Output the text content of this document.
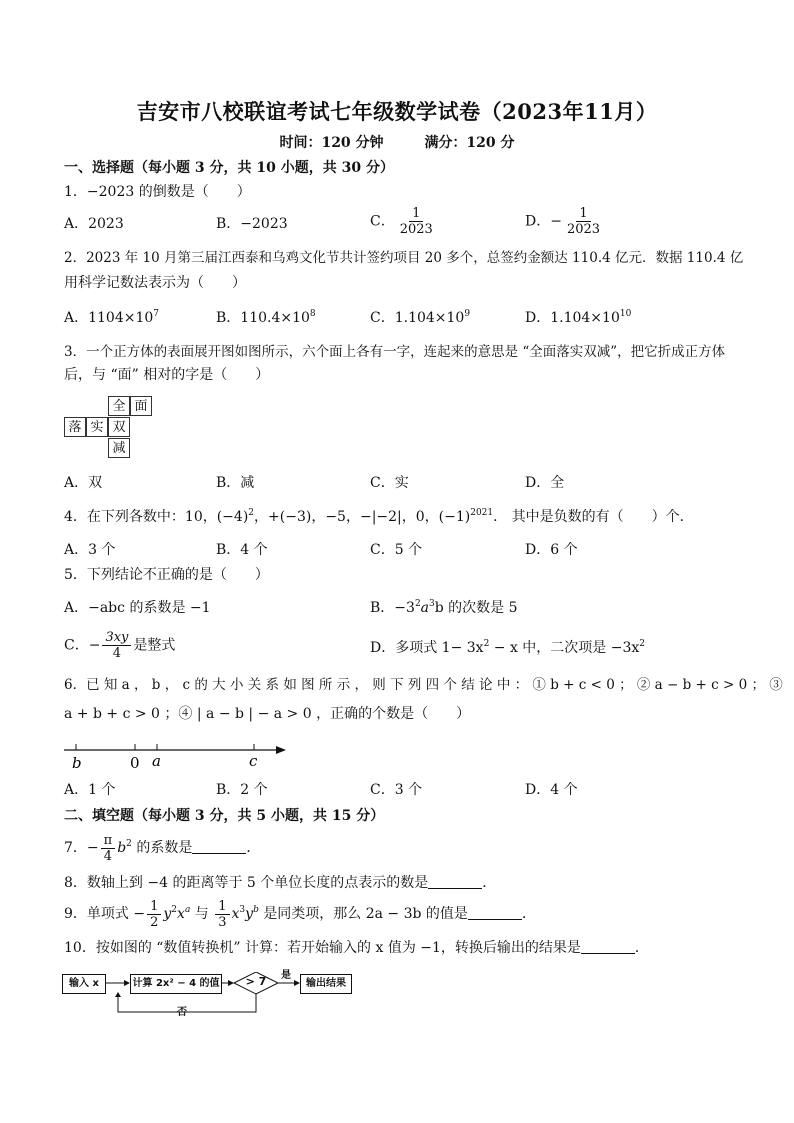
吉安市八校联谊考试七年级数学试卷（2023年11月）
时间：120 分钟	满分：120 分
一、选择题（每小题 3 分，共 10 小题，共 30 分）
1．−2023 的倒数是（　　）
A．2023	B．−2023	C． $\frac{1}{2023}$	D．− $\frac{1}{2023}$
2．2023 年 10 月第三届江西泰和乌鸡文化节共计签约项目 20 多个，总签约金额达 110.4 亿元．数据 110.4 亿
用科学记数法表示为（　　）
A．$1104\times 10^7$	B．$110.4\times 10^8$	C．$1.104\times 10^9$	D．$1.104\times 10^{10}$
3．一个正方体的表面展开图如图所示，六个面上各有一字，连起来的意思是 “全面落实双减”，把它折成正方体
后，与 “面” 相对的字是（　　）
全 面
落 实 双
减
A．双	B．减	C．实	D．全
4．在下列各数中：10，$(-4)^2$，+(−3)，−5，−|−2|，0，$(-1)^{2021}$． 其中是负数的有（　　）个．
A．3 个	B．4 个	C．5 个	D．6 个
5．下列结论不正确的是（　　）
A．−abc 的系数是 −1	B．$-3^2a^3b$ 的次数是 5
C．− $\frac{3xy}{4}$ 是整式	D．多项式 $1- 3x^2 - x$ 中，二次项是 $-3x^2$
6．已 知 a ， b ， c 的 大 小 关 系 如 图 所 示 ， 则 下 列 四 个 结 论 中 ： ① b + c < 0 ； ② a − b + c > 0 ； ③
a + b + c > 0 ；④ | a − b | − a > 0 ，正确的个数是（　　）
b	0 a	c
A．1 个	B．2 个	C．3 个	D．4 个
二、填空题（每小题 3 分，共 5 小题，共 15 分）
7．− $\frac{\pi}{4} b^2$ 的系数是	．
8．数轴上到 −4 的距离等于 5 个单位长度的点表示的数是	．
9．单项式 − $\frac{1}{2} y^2x^a$ 与 $\frac{1}{3} x^3y^b$ 是同类项，那么 2a − 3b 的值是	．
10．按如图的 “数值转换机” 计算：若开始输入的 x 值为 −1，转换后输出的结果是	．
输入 x	计算 2x² − 4 的值	> 7	是
输出结果
否
